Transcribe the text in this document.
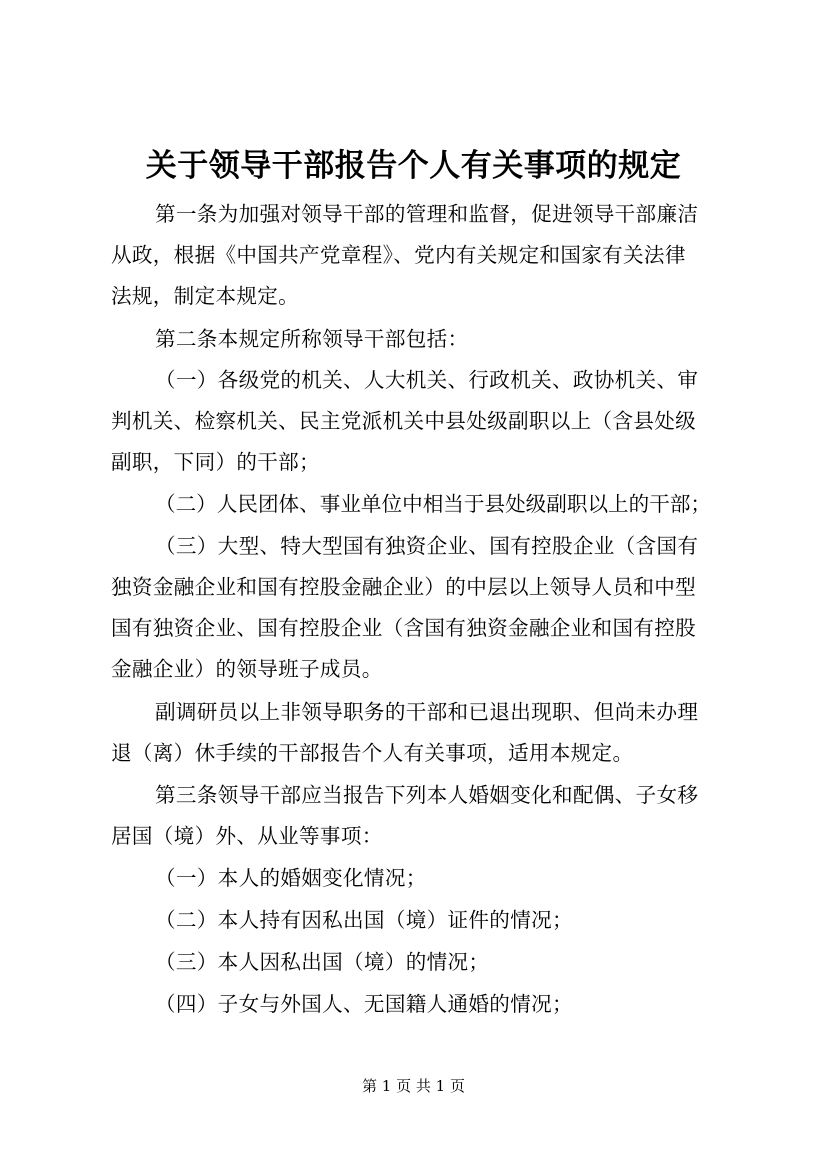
关于领导干部报告个人有关事项的规定
第一条为加强对领导干部的管理和监督，促进领导干部廉洁
从政，根据《中国共产党章程》、党内有关规定和国家有关法律
法规，制定本规定。
第二条本规定所称领导干部包括：
（一）各级党的机关、人大机关、行政机关、政协机关、审
判机关、检察机关、民主党派机关中县处级副职以上（含县处级
副职，下同）的干部；
（二）人民团体、事业单位中相当于县处级副职以上的干部；
（三）大型、特大型国有独资企业、国有控股企业（含国有
独资金融企业和国有控股金融企业）的中层以上领导人员和中型
国有独资企业、国有控股企业（含国有独资金融企业和国有控股
金融企业）的领导班子成员。
副调研员以上非领导职务的干部和已退出现职、但尚未办理
退（离）休手续的干部报告个人有关事项，适用本规定。
第三条领导干部应当报告下列本人婚姻变化和配偶、子女移
居国（境）外、从业等事项：
（一）本人的婚姻变化情况；
（二）本人持有因私出国（境）证件的情况；
（三）本人因私出国（境）的情况；
（四）子女与外国人、无国籍人通婚的情况；
第 1 页 共 1 页
